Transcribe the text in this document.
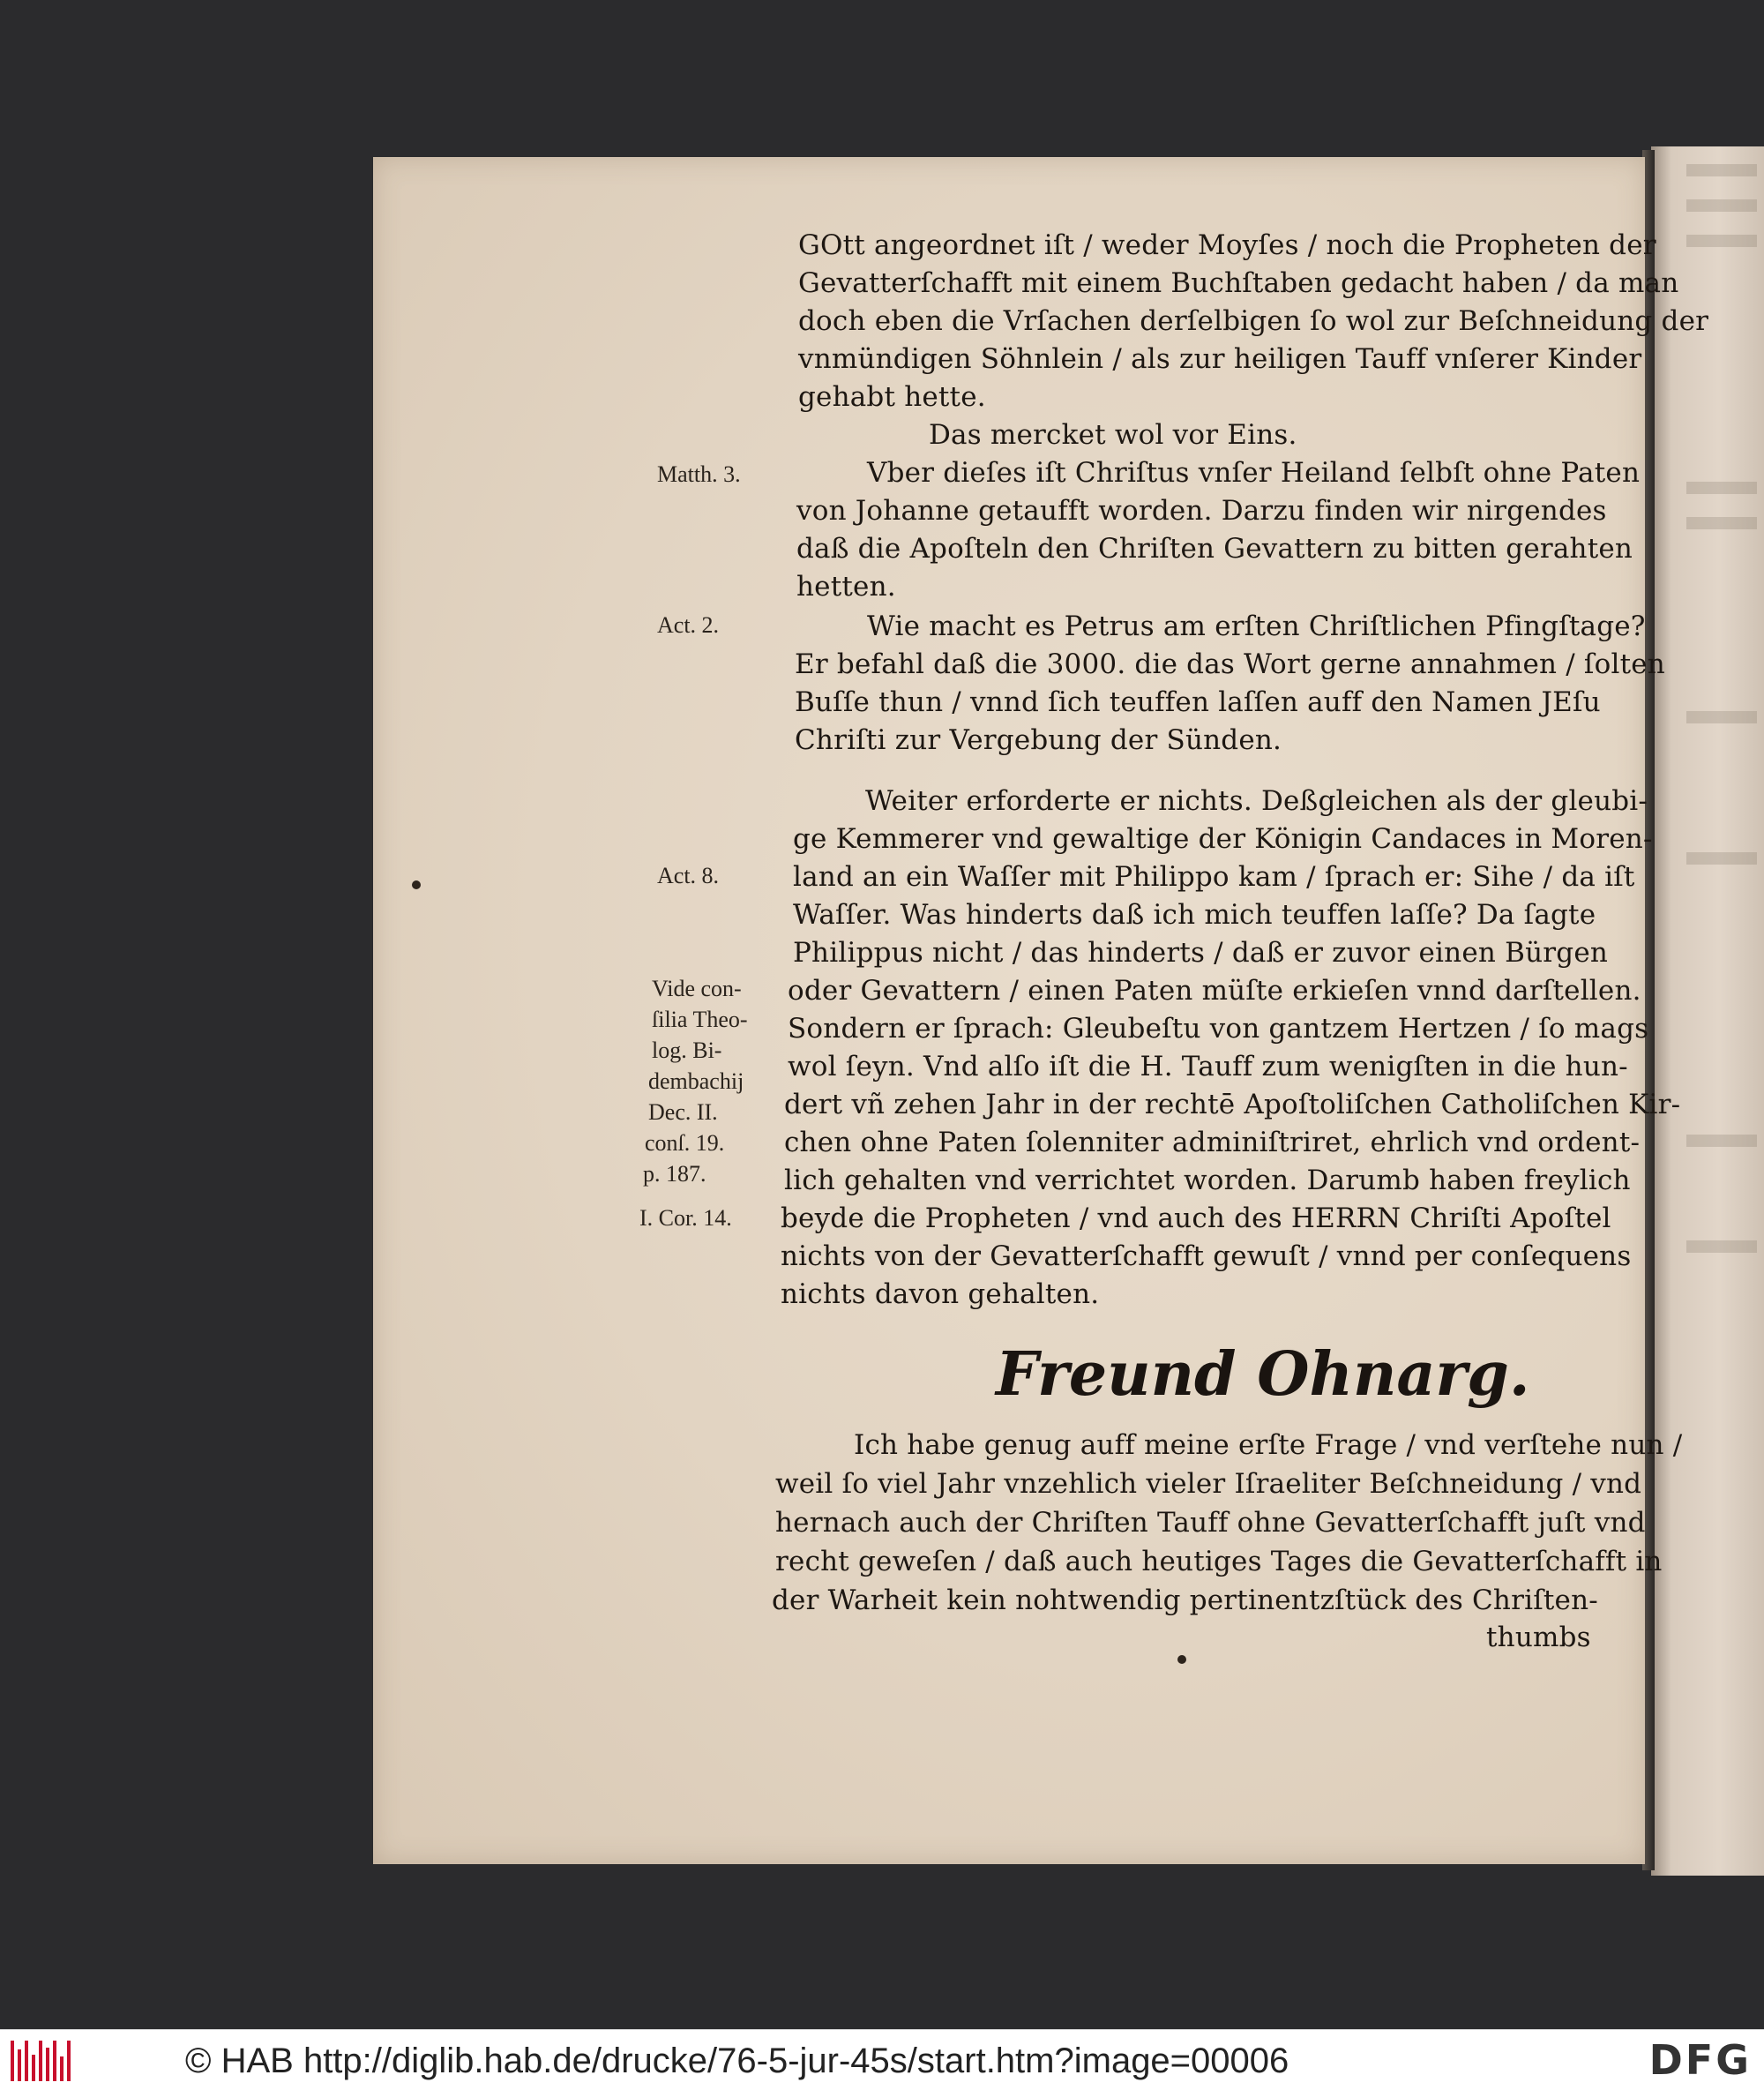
GOtt angeordnet iſt / weder Moyſes / noch die Propheten der
Gevatterſchafft mit einem Buchſtaben gedacht haben / da man
doch eben die Vrſachen derſelbigen ſo wol zur Beſchneidung der
vnmündigen Söhnlein / als zur heiligen Tauff vnſerer Kinder
gehabt hette.
Das mercket wol vor Eins.
Vber dieſes iſt Chriſtus vnſer Heiland ſelbſt ohne Paten
von Johanne getaufft worden. Darzu finden wir nirgendes
daß die Apoſteln den Chriſten Gevattern zu bitten gerahten
hetten.
Wie macht es Petrus am erſten Chriſtlichen Pfingſtage?
Er befahl daß die 3000. die das Wort gerne annahmen / ſolten
Buſſe thun / vnnd ſich teuffen laſſen auff den Namen JEſu
Chriſti zur Vergebung der Sünden.
Weiter erforderte er nichts. Deßgleichen als der gleubi-
ge Kemmerer vnd gewaltige der Königin Candaces in Moren-
land an ein Waſſer mit Philippo kam / ſprach er: Sihe / da iſt
Waſſer. Was hinderts daß ich mich teuffen laſſe? Da ſagte
Philippus nicht / das hinderts / daß er zuvor einen Bürgen
oder Gevattern / einen Paten müſte erkieſen vnnd darſtellen.
Sondern er ſprach: Gleubeſtu von gantzem Hertzen / ſo mags
wol ſeyn. Vnd alſo iſt die H. Tauff zum wenigſten in die hun-
dert vñ zehen Jahr in der rechtē Apoſtoliſchen Catholiſchen Kir-
chen ohne Paten ſolenniter adminiſtriret, ehrlich vnd ordent-
lich gehalten vnd verrichtet worden. Darumb haben freylich
beyde die Propheten / vnd auch des HERRN Chriſti Apoſtel
nichts von der Gevatterſchafft gewuſt / vnnd per conſequens
nichts davon gehalten.
Matth. 3.
Act. 2.
Act. 8.
Vide con-
ſilia Theo-
log. Bi-
dembachij
Dec. II.
conſ. 19.
p. 187.
I. Cor. 14.
Freund Ohnarg.
Ich habe genug auff meine erſte Frage / vnd verſtehe nun /
weil ſo viel Jahr vnzehlich vieler Iſraeliter Beſchneidung / vnd
hernach auch der Chriſten Tauff ohne Gevatterſchafft juſt vnd
recht geweſen / daß auch heutiges Tages die Gevatterſchafft in
der Warheit kein nohtwendig pertinentzſtück des Chriſten-
thumbs
© HAB http://diglib.hab.de/drucke/76-5-jur-45s/start.htm?image=00006	DFG
